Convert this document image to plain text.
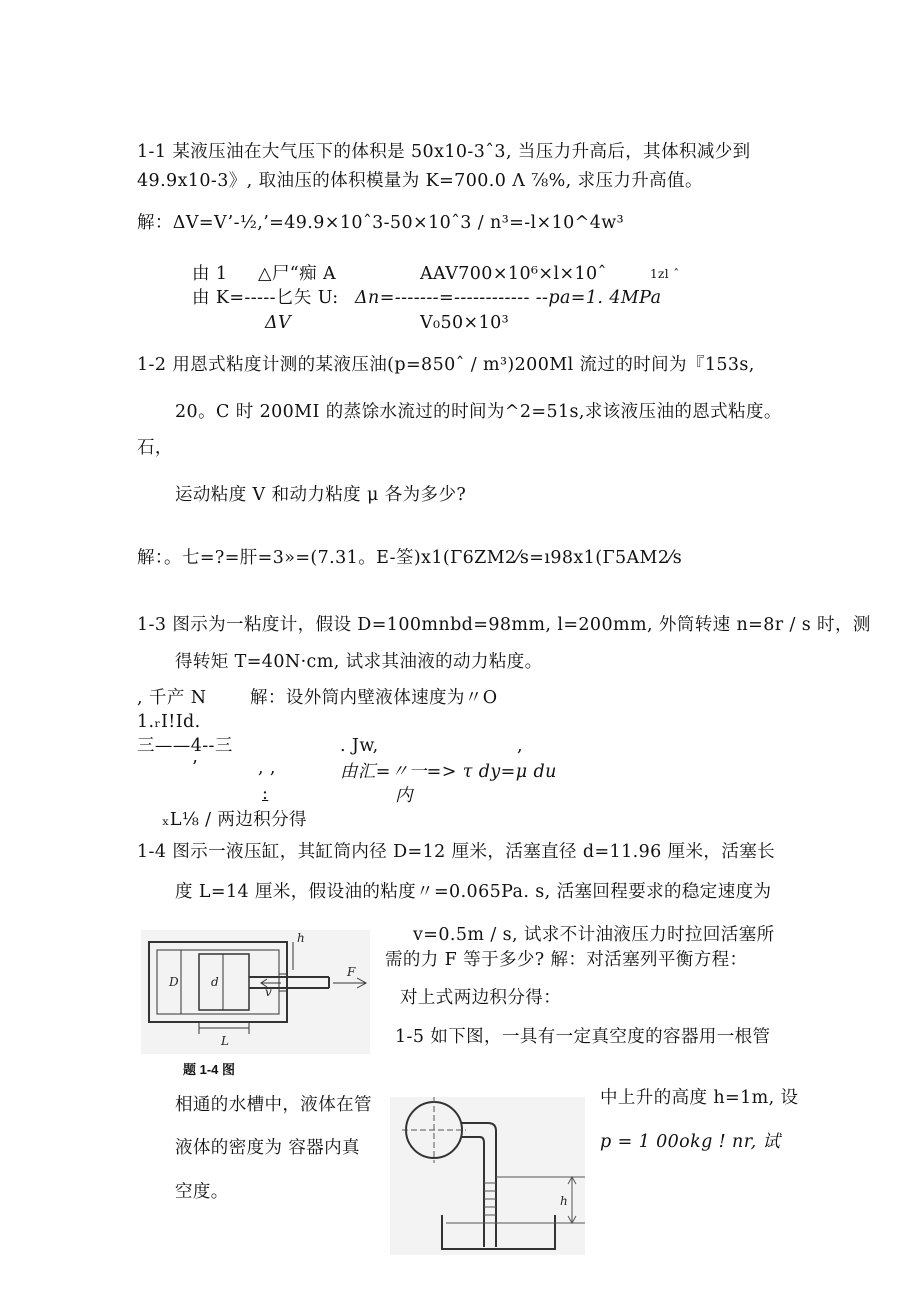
1-1 某液压油在大气压下的体积是 50x10-3ˆ3, 当压力升高后，其体积减少到
49.9x10-3》, 取油压的体积模量为 K=700.0 Λ ⅞%, 求压力升高值。
解：ΔV=V’-½,’=49.9×10ˆ3-50×10ˆ3 / n³=-l×10^4w³
由 1 △尸“痴 A	AAV700×10⁶×l×10ˆ	1zl ˆ
由 K=-----匕矢 U: Δn=-------=------------ --pa=1. 4MPa
ΔV	V₀50×10³
1-2 用恩式粘度计测的某液压油(p=850ˆ / m³)200Ml 流过的时间为『153s,
20。C 时 200MI 的蒸馀水流过的时间为^2=51s,求该液压油的恩式粘度。
石，
运动粘度 V 和动力粘度 μ 各为多少?
解：。七=?=肝=3»=(7.31。E-筌)x1(Γ6ZM2⁄s=ı98x1(Γ5AM2⁄s
1-3 图示为一粘度计，假设 D=100mnbd=98mm, l=200mm, 外筒转速 n=8r / s 时，测
得转矩 T=40N·cm, 试求其油液的动力粘度。
, 千产 N 解：设外筒内壁液体速度为〃O
1.ᵣI!Id.
三——4--三	. Jw,	,
’	, ,	由汇=〃一=> τ dy=μ du
:	内
ₓL⅛ / 两边积分得
1-4 图示一液压缸，其缸筒内径 D=12 厘米，活塞直径 d=11.96 厘米，活塞长
度 L=14 厘米，假设油的粘度〃=0.065Pa. s, 活塞回程要求的稳定速度为
v=0.5m / s, 试求不计油液压力时拉回活塞所
需的力 F 等于多少? 解：对活塞列平衡方程：
对上式两边积分得：
D	d
v
F
L
h
题 1-4 图
1-5 如下图，一具有一定真空度的容器用一根管
中上升的高度 h=1m, 设
相通的水槽中，液体在管
液体的密度为 容器内真	p = 1 00okg ! nr, 试
空度。	h
